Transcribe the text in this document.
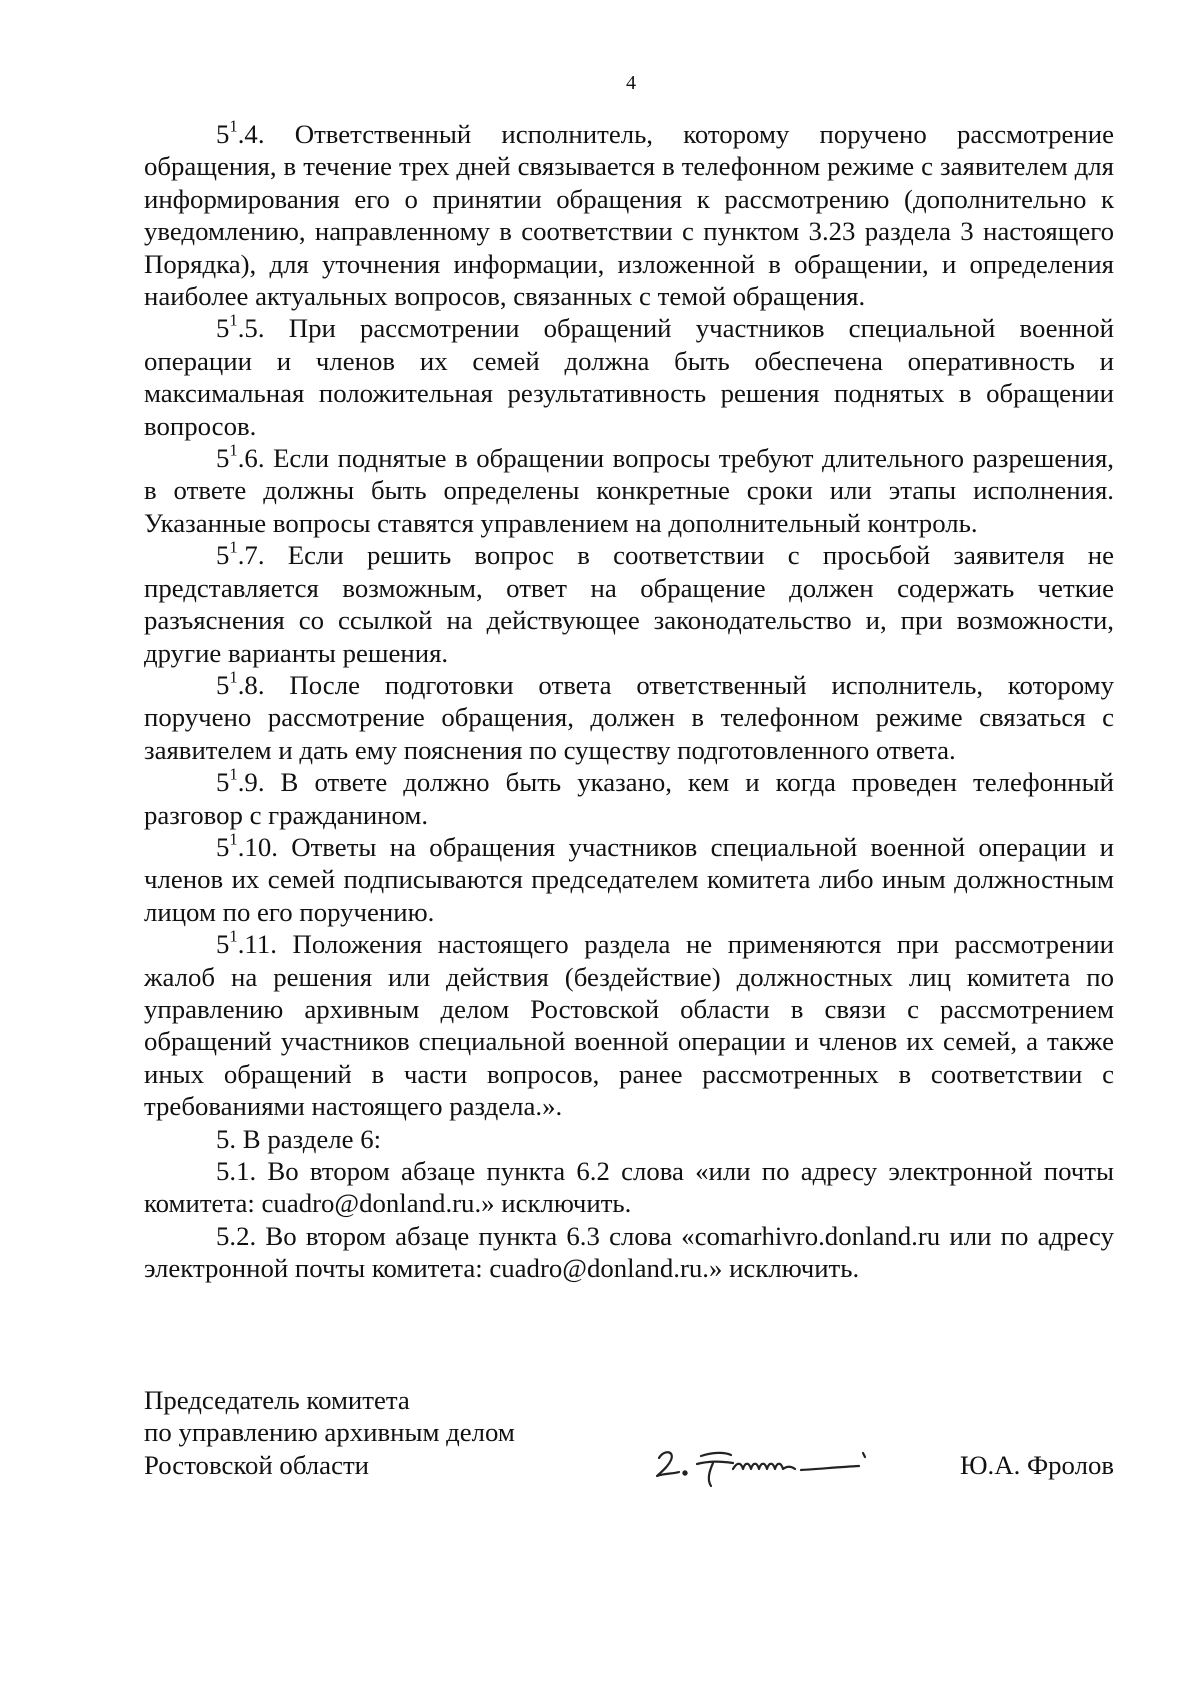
4

$5^1.4$. Ответственный исполнитель, которому поручено рассмотрение обращения, в течение трех дней связывается в телефонном режиме с заявителем для информирования его о принятии обращения к рассмотрению (дополнительно к уведомлению, направленному в соответствии с пунктом 3.23 раздела 3 настоящего Порядка), для уточнения информации, изложенной в обращении, и определения наиболее актуальных вопросов, связанных с темой обращения.

$5^1.5$. При рассмотрении обращений участников специальной военной операции и членов их семей должна быть обеспечена оперативность и максимальная положительная результативность решения поднятых в обращении вопросов.

$5^1.6$. Если поднятые в обращении вопросы требуют длительного разрешения, в ответе должны быть определены конкретные сроки или этапы исполнения. Указанные вопросы ставятся управлением на дополнительный контроль.

$5^1.7$. Если решить вопрос в соответствии с просьбой заявителя не представляется возможным, ответ на обращение должен содержать четкие разъяснения со ссылкой на действующее законодательство и, при возможности, другие варианты решения.

$5^1.8$. После подготовки ответа ответственный исполнитель, которому поручено рассмотрение обращения, должен в телефонном режиме связаться с заявителем и дать ему пояснения по существу подготовленного ответа.

$5^1.9$. В ответе должно быть указано, кем и когда проведен телефонный разговор с гражданином.

$5^1.10$. Ответы на обращения участников специальной военной операции и членов их семей подписываются председателем комитета либо иным должностным лицом по его поручению.

$5^1.11$. Положения настоящего раздела не применяются при рассмотрении жалоб на решения или действия (бездействие) должностных лиц комитета по управлению архивным делом Ростовской области в связи с рассмотрением обращений участников специальной военной операции и членов их семей, а также иных обращений в части вопросов, ранее рассмотренных в соответствии с требованиями настоящего раздела.».

5. В разделе 6:

5.1. Во втором абзаце пункта 6.2 слова «или по адресу электронной почты комитета: cuadro@donland.ru.» исключить.

5.2. Во втором абзаце пункта 6.3 слова «comarhivro.donland.ru или по адресу электронной почты комитета: cuadro@donland.ru.» исключить.

Председатель комитета
по управлению архивным делом
Ростовской области	Ю.А. Фролов
